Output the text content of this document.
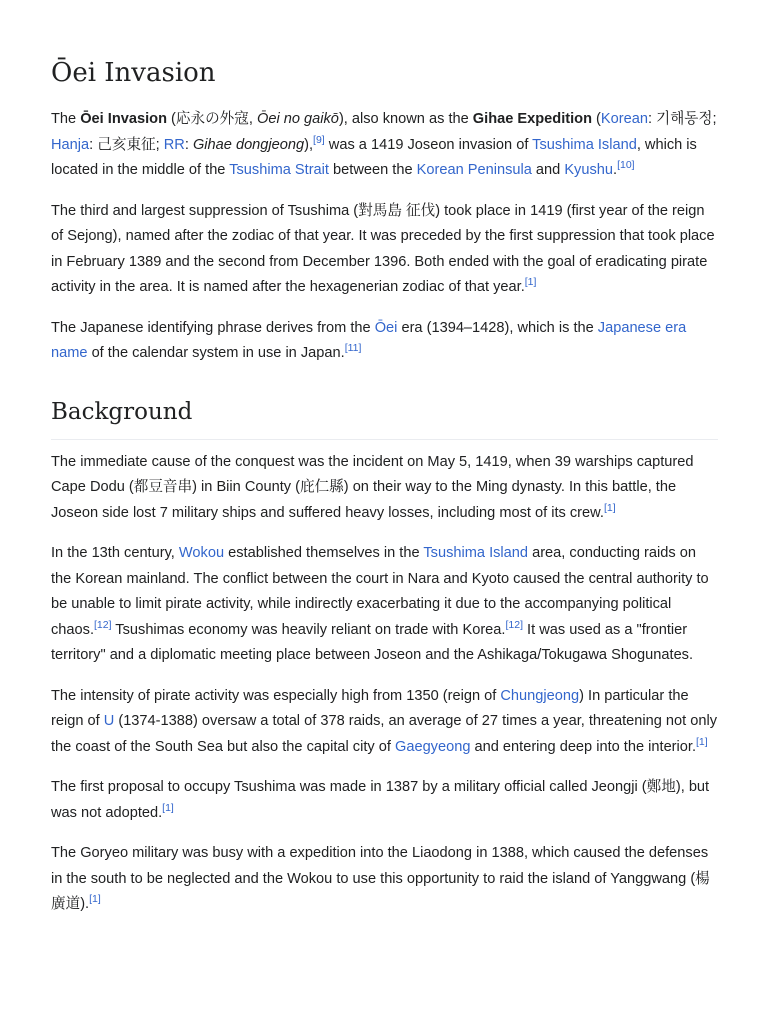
Ōei Invasion

The Ōei Invasion (応永の外寇, Ōei no gaikō), also known as the Gihae Expedition (Korean: 기해동정; Hanja: 己亥東征; RR: Gihae dongjeong),[9] was a 1419 Joseon invasion of Tsushima Island, which is located in the middle of the Tsushima Strait between the Korean Peninsula and Kyushu.[10]

The third and largest suppression of Tsushima (對馬島 征伐) took place in 1419 (first year of the reign of Sejong), named after the zodiac of that year. It was preceded by the first suppression that took place in February 1389 and the second from December 1396. Both ended with the goal of eradicating pirate activity in the area. It is named after the hexagenerian zodiac of that year.[1]

The Japanese identifying phrase derives from the Ōei era (1394–1428), which is the Japanese era name of the calendar system in use in Japan.[11]

Background

The immediate cause of the conquest was the incident on May 5, 1419, when 39 warships captured Cape Dodu (都豆音串) in Biin County (庇仁縣) on their way to the Ming dynasty. In this battle, the Joseon side lost 7 military ships and suffered heavy losses, including most of its crew.[1]

In the 13th century, Wokou established themselves in the Tsushima Island area, conducting raids on the Korean mainland. The conflict between the court in Nara and Kyoto caused the central authority to be unable to limit pirate activity, while indirectly exacerbating it due to the accompanying political chaos.[12] Tsushimas economy was heavily reliant on trade with Korea.[12] It was used as a "frontier territory" and a diplomatic meeting place between Joseon and the Ashikaga/Tokugawa Shogunates.

The intensity of pirate activity was especially high from 1350 (reign of Chungjeong) In particular the reign of U (1374-1388) oversaw a total of 378 raids, an average of 27 times a year, threatening not only the coast of the South Sea but also the capital city of Gaegyeong and entering deep into the interior.[1]

The first proposal to occupy Tsushima was made in 1387 by a military official called Jeongji (鄭地), but was not adopted.[1]

The Goryeo military was busy with a expedition into the Liaodong in 1388, which caused the defenses in the south to be neglected and the Wokou to use this opportunity to raid the island of Yanggwang (楊廣道).[1]
